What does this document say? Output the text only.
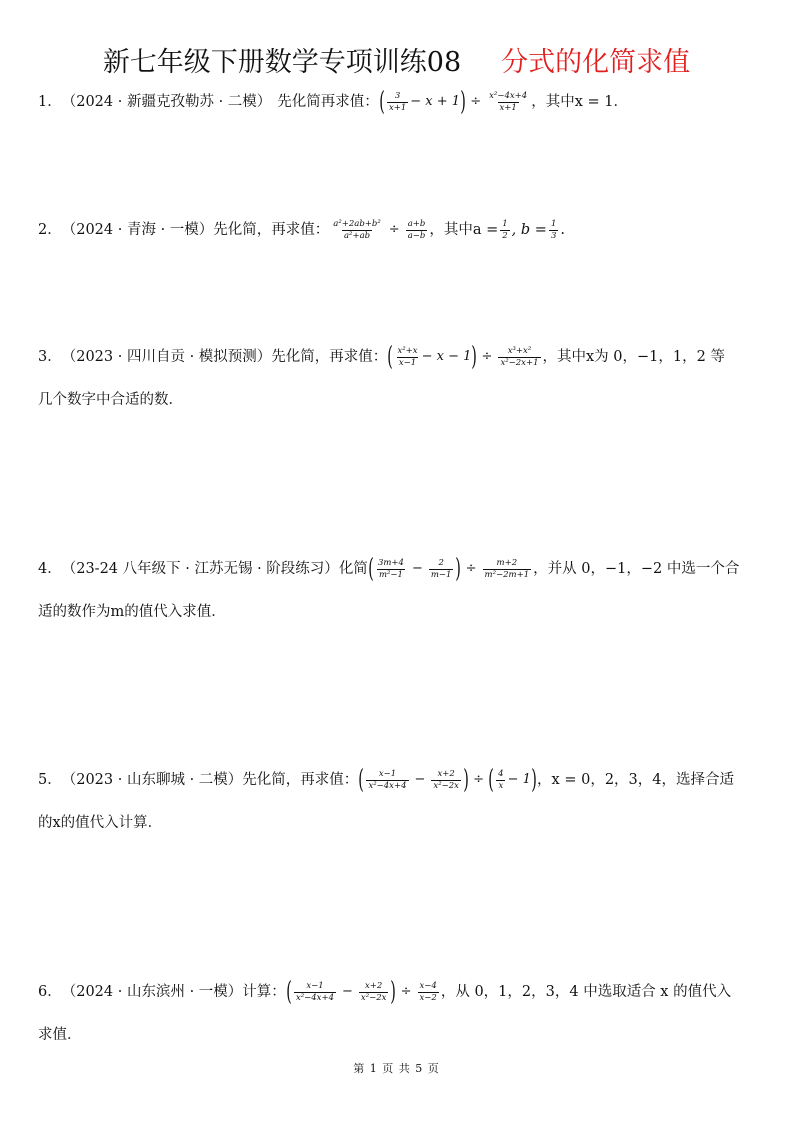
新七年级下册数学专项训练08 分式的化简求值
1． （2024 · 新疆克孜勒苏 · 二模） 先化简再求值： ( $\frac{3}{x+1} - x + 1$ ) ÷ $\frac{\text{x²−4x+4}}{x+1}$ ，其中x = 1．
2． （2024 · 青海 · 一模） 先化简，再求值： $\frac{\text{a²+2ab+b²}}{\text{a²+ab}} \div \frac{a+b}{a-b}$ ，其中$a = \frac{1}{2}$ , $b = \frac{1}{3}$ .
3． （2023 · 四川自贡 · 模拟预测） 先化简，再求值： ( $\frac{\text{x²+x}}{x-1} - x - 1$ ) ÷ $\frac{\text{x³+x²}}{\text{x²−2x+1}}$ ，其中x为 0，−1，1，2 等
几个数字中合适的数．
4． （23-24 八年级下 · 江苏无锡 · 阶段练习） 化简 ( $\frac{3m+4}{\text{m²−1}} - \frac{2}{m-1}$ ) ÷ $\frac{m+2}{\text{m²−2m+1}}$ ，并从 0，−1，−2 中选一个合
适的数作为m的值代入求值．
5． （2023 · 山东聊城 · 二模） 先化简，再求值： ( $\frac{x-1}{\text{x²−4x+4}} - \frac{x+2}{\text{x²−2x}}$ ) ÷ ( $\frac{4}{x} - 1$ ) ，x = 0，2，3，4，选择合适
的x的值代入计算．
6． （2024 · 山东滨州 · 一模） 计算： ( $\frac{x-1}{\text{x²−4x+4}} - \frac{x+2}{\text{x²−2x}}$ ) ÷ $\frac{x-4}{x-2}$ ，从 0，1，2，3，4 中选取适合 x 的值代入
求值．
第 1 页 共 5 页
